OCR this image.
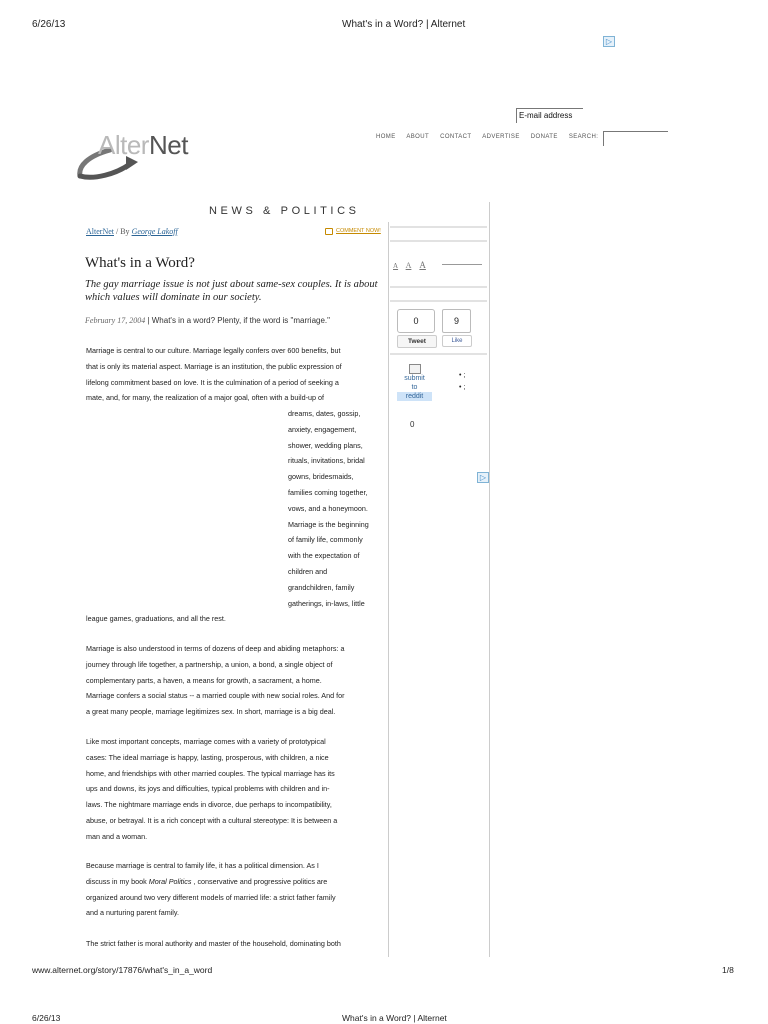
6/26/13	What's in a Word? | Alternet
▷
▷
E-mail address
AlterNet	HOME ABOUT CONTACT ADVERTISE DONATE SEARCH:
NEWS & POLITICS
AlterNet / By George Lakoff	COMMENT NOW!
What's in a Word?
The gay marriage issue is not just about same-sex couples. It is about which values will dominate in our society.
February 17, 2004 | What's in a word? Plenty, if the word is "marriage."
Marriage is central to our culture. Marriage legally confers over 600 benefits, but
that is only its material aspect. Marriage is an institution, the public expression of
lifelong commitment based on love. It is the culmination of a period of seeking a
mate, and, for many, the realization of a major goal, often with a build-up of
dreams, dates, gossip,
anxiety, engagement,
shower, wedding plans,
rituals, invitations, bridal
gowns, bridesmaids,
families coming together,
vows, and a honeymoon.
Marriage is the beginning
of family life, commonly
with the expectation of
children and
grandchildren, family
gatherings, in-laws, little
league games, graduations, and all the rest.
Marriage is also understood in terms of dozens of deep and abiding metaphors: a
journey through life together, a partnership, a union, a bond, a single object of
complementary parts, a haven, a means for growth, a sacrament, a home.
Marriage confers a social status -- a married couple with new social roles. And for
a great many people, marriage legitimizes sex. In short, marriage is a big deal.
Like most important concepts, marriage comes with a variety of prototypical
cases: The ideal marriage is happy, lasting, prosperous, with children, a nice
home, and friendships with other married couples. The typical marriage has its
ups and downs, its joys and difficulties, typical problems with children and in-
laws. The nightmare marriage ends in divorce, due perhaps to incompatibility,
abuse, or betrayal. It is a rich concept with a cultural stereotype: It is between a
man and a woman.
Because marriage is central to family life, it has a political dimension. As I
discuss in my book Moral Politics , conservative and progressive politics are
organized around two very different models of married life: a strict father family
and a nurturing parent family.
The strict father is moral authority and master of the household, dominating both
A A A
0
Tweet
9
Like
submit
to
reddit
0
• ;
• ;
www.alternet.org/story/17876/what's_in_a_word	1/8
6/26/13	What's in a Word? | Alternet
